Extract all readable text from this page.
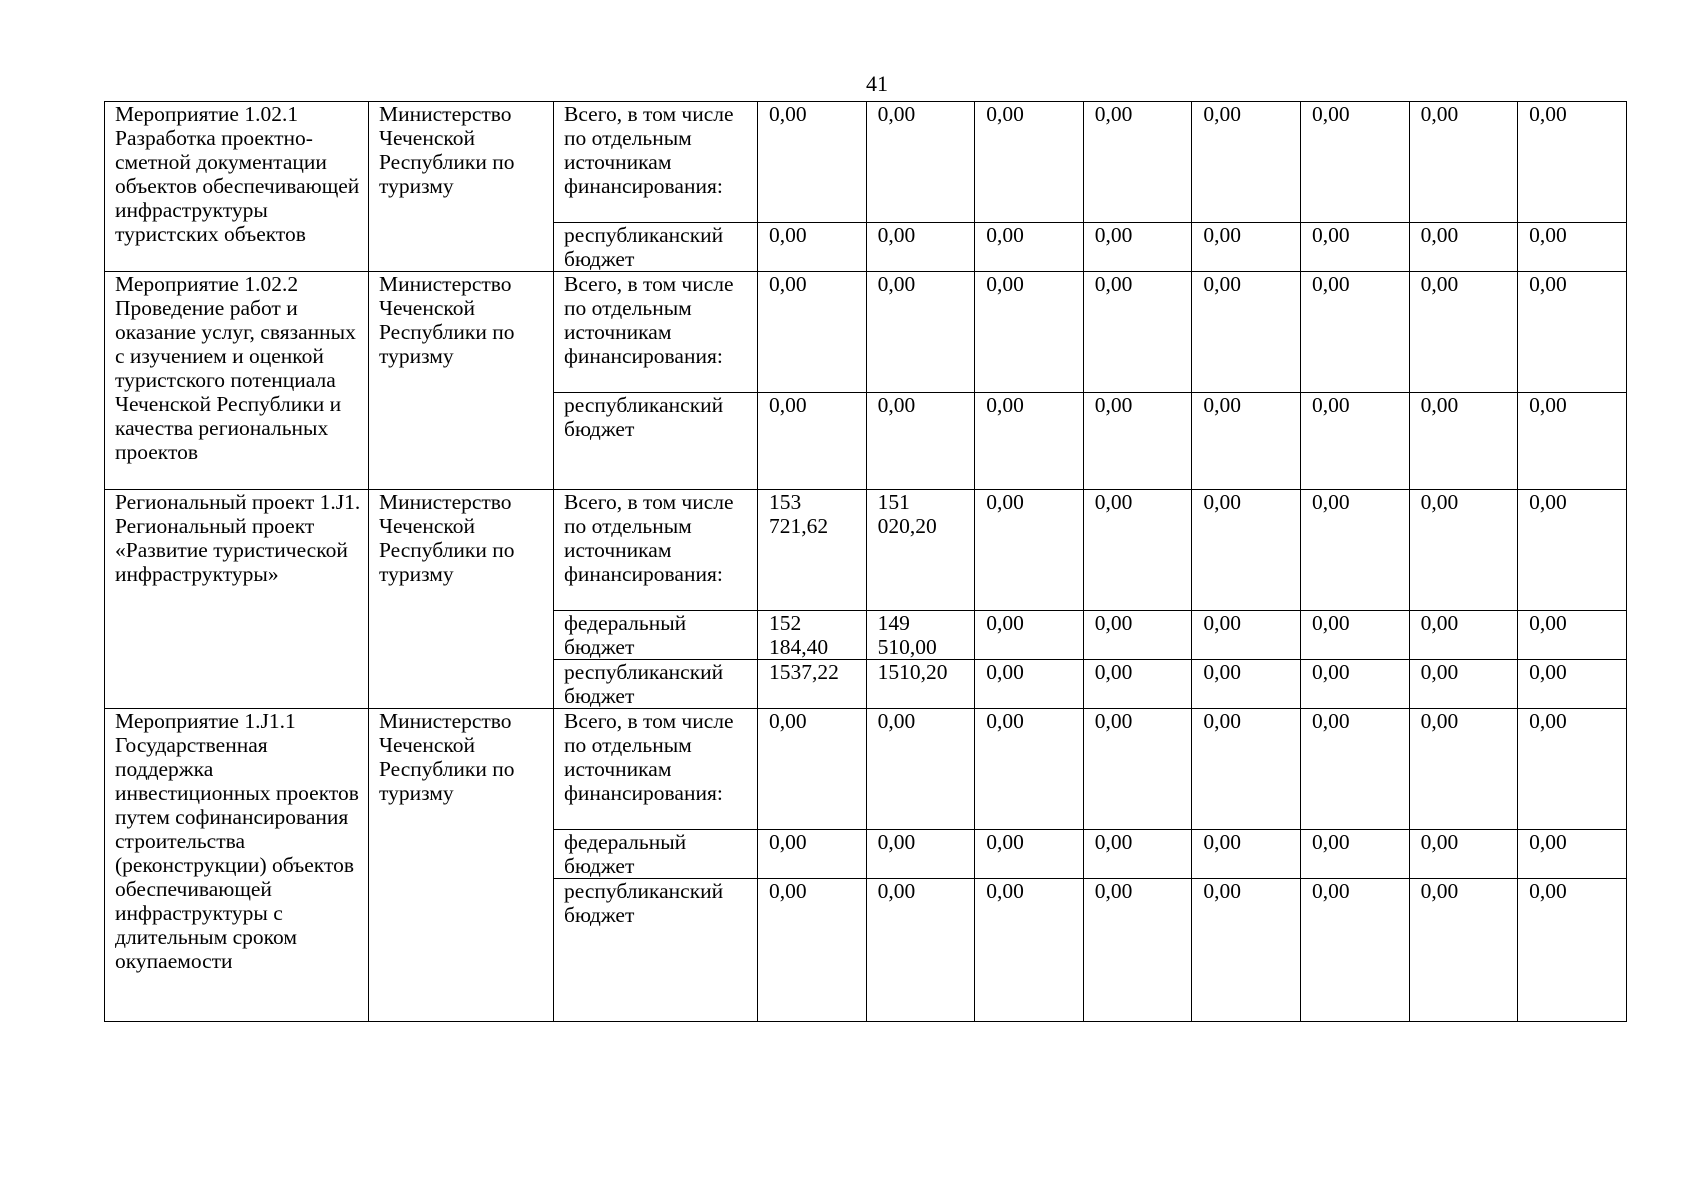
41
Мероприятие 1.02.1 Разработка проектно-сметной документации объектов обеспечивающей инфраструктуры туристских объектов	Министерство Чеченской Республики по туризму	Всего, в том числе по отдельным источникам финансирования:	0,00	0,00	0,00	0,00	0,00	0,00	0,00	0,00

		республиканский бюджет	0,00	0,00	0,00	0,00	0,00	0,00	0,00	0,00

Мероприятие 1.02.2 Проведение работ и оказание услуг, связанных с изучением и оценкой туристского потенциала Чеченской Республики и качества региональных проектов	Министерство Чеченской Республики по туризму	Всего, в том числе по отдельным источникам финансирования:	0,00	0,00	0,00	0,00	0,00	0,00	0,00	0,00

		республиканский бюджет	0,00	0,00	0,00	0,00	0,00	0,00	0,00	0,00

Региональный проект 1.J1. Региональный проект «Развитие туристической инфраструктуры»	Министерство Чеченской Республики по туризму	Всего, в том числе по отдельным источникам финансирования:	153
721,62	151
020,20	0,00	0,00	0,00	0,00	0,00	0,00

		федеральный бюджет	152
184,40	149
510,00	0,00	0,00	0,00	0,00	0,00	0,00

		республиканский бюджет	1537,22	1510,20	0,00	0,00	0,00	0,00	0,00	0,00

Мероприятие 1.J1.1 Государственная поддержка инвестиционных проектов путем софинансирования строительства (реконструкции) объектов обеспечивающей инфраструктуры с длительным сроком окупаемости	Министерство Чеченской Республики по туризму	Всего, в том числе по отдельным источникам финансирования:	0,00	0,00	0,00	0,00	0,00	0,00	0,00	0,00

		федеральный бюджет	0,00	0,00	0,00	0,00	0,00	0,00	0,00	0,00

		республиканский бюджет	0,00	0,00	0,00	0,00	0,00	0,00	0,00	0,00
